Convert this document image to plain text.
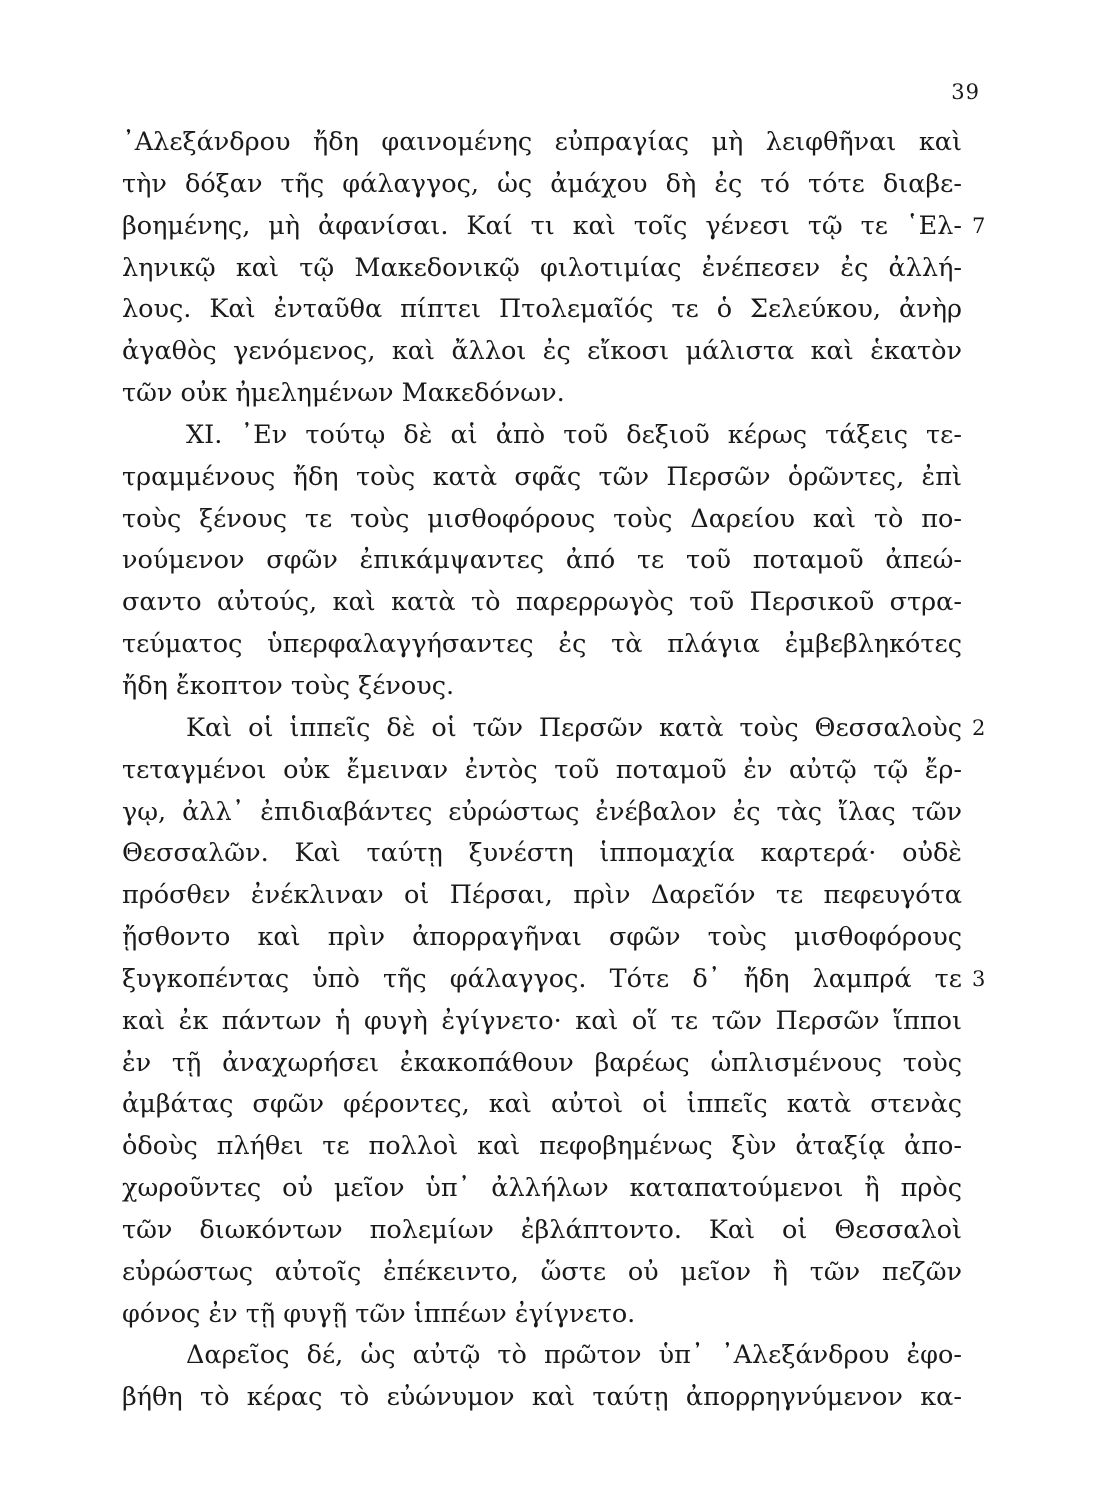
39
᾿Αλεξάνδρου ἤδη φαινομένης εὐπραγίας μὴ λειφθῆναι καὶ
τὴν δόξαν τῆς φάλαγγος, ὡς ἀμάχου δὴ ἐς τό τότε διαβε-
βοημένης, μὴ ἀφανίσαι. Καί τι καὶ τοῖς γένεσι τῷ τε ῾Ελ- 7
ληνικῷ καὶ τῷ Μακεδονικῷ φιλοτιμίας ἐνέπεσεν ἐς ἀλλή-
λους. Καὶ ἐνταῦθα πίπτει Πτολεμαῖός τε ὁ Σελεύκου, ἀνὴρ
ἀγαθὸς γενόμενος, καὶ ἄλλοι ἐς εἴκοσι μάλιστα καὶ ἑκατὸν
τῶν οὐκ ἠμελημένων Μακεδόνων.
XI. ᾿Εν τούτῳ δὲ αἱ ἀπὸ τοῦ δεξιοῦ κέρως τάξεις τε-
τραμμένους ἤδη τοὺς κατὰ σφᾶς τῶν Περσῶν ὁρῶντες, ἐπὶ
τοὺς ξένους τε τοὺς μισθοφόρους τοὺς Δαρείου καὶ τὸ πο-
νούμενον σφῶν ἐπικάμψαντες ἀπό τε τοῦ ποταμοῦ ἀπεώ-
σαντο αὐτούς, καὶ κατὰ τὸ παρερρωγὸς τοῦ Περσικοῦ στρα-
τεύματος ὑπερφαλαγγήσαντες ἐς τὰ πλάγια ἐμβεβληκότες
ἤδη ἔκοπτον τοὺς ξένους.
Καὶ οἱ ἱππεῖς δὲ οἱ τῶν Περσῶν κατὰ τοὺς Θεσσαλοὺς 2
τεταγμένοι οὐκ ἔμειναν ἐντὸς τοῦ ποταμοῦ ἐν αὐτῷ τῷ ἔρ-
γῳ, ἀλλ᾿ ἐπιδιαβάντες εὐρώστως ἐνέβαλον ἐς τὰς ἴλας τῶν
Θεσσαλῶν. Καὶ ταύτῃ ξυνέστη ἱππομαχία καρτερά· οὐδὲ
πρόσθεν ἐνέκλιναν οἱ Πέρσαι, πρὶν Δαρεῖόν τε πεφευγότα
ᾔσθοντο καὶ πρὶν ἀπορραγῆναι σφῶν τοὺς μισθοφόρους
ξυγκοπέντας ὑπὸ τῆς φάλαγγος. Τότε δ᾿ ἤδη λαμπρά τε 3
καὶ ἐκ πάντων ἡ φυγὴ ἐγίγνετο· καὶ οἵ τε τῶν Περσῶν ἵπποι
ἐν τῇ ἀναχωρήσει ἐκακοπάθουν βαρέως ὡπλισμένους τοὺς
ἀμβάτας σφῶν φέροντες, καὶ αὐτοὶ οἱ ἱππεῖς κατὰ στενὰς
ὁδοὺς πλήθει τε πολλοὶ καὶ πεφοβημένως ξὺν ἀταξίᾳ ἀπο-
χωροῦντες οὐ μεῖον ὑπ᾿ ἀλλήλων καταπατούμενοι ἢ πρὸς
τῶν διωκόντων πολεμίων ἐβλάπτοντο. Καὶ οἱ Θεσσαλοὶ
εὐρώστως αὐτοῖς ἐπέκειντο, ὥστε οὐ μεῖον ἢ τῶν πεζῶν
φόνος ἐν τῇ φυγῇ τῶν ἱππέων ἐγίγνετο.
Δαρεῖος δέ, ὡς αὐτῷ τὸ πρῶτον ὑπ᾿ ᾿Αλεξάνδρου ἐφο-
βήθη τὸ κέρας τὸ εὐώνυμον καὶ ταύτῃ ἀπορρηγνύμενον κα-
